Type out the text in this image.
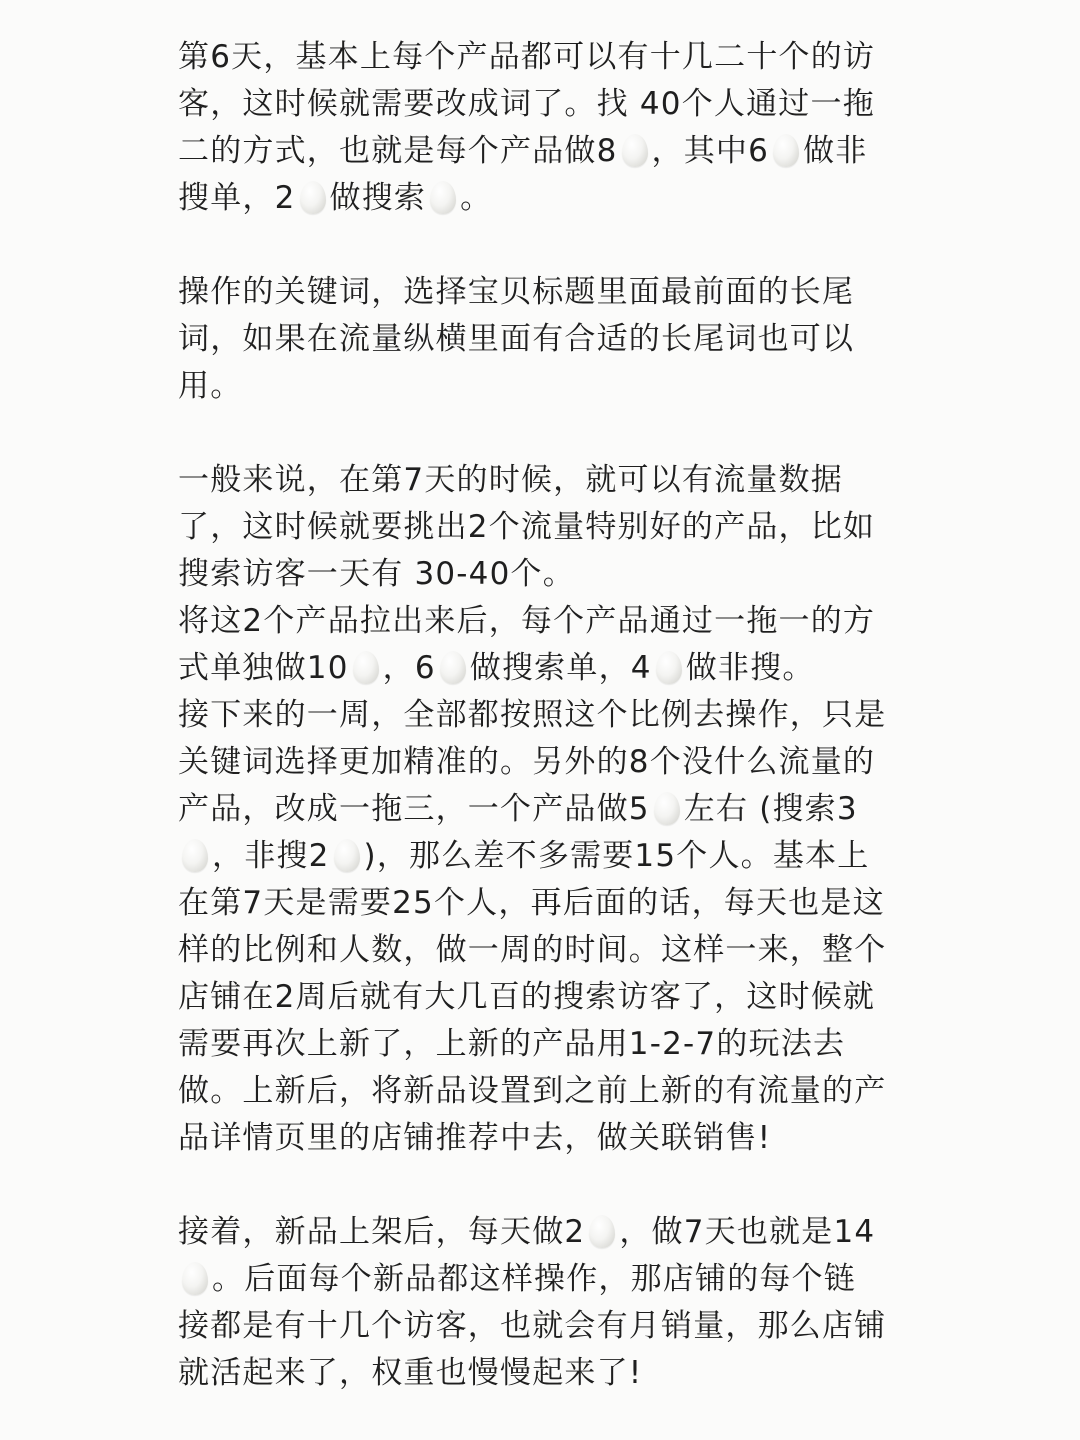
第6天，基本上每个产品都可以有十几二十个的访
客，这时候就需要改成词了。找 40个人通过一拖
二的方式，也就是每个产品做8 ，其中6 做非
搜单，2 做搜索 。
操作的关键词，选择宝贝标题里面最前面的长尾
词，如果在流量纵横里面有合适的长尾词也可以
用。
一般来说，在第7天的时候，就可以有流量数据
了，这时候就要挑出2个流量特别好的产品，比如
搜索访客一天有 30-40个。
将这2个产品拉出来后，每个产品通过一拖一的方
式单独做10 ，6 做搜索单，4 做非搜。
接下来的一周，全部都按照这个比例去操作，只是
关键词选择更加精准的。另外的8个没什么流量的
产品，改成一拖三，一个产品做5 左右 (搜索3
，非搜2 )，那么差不多需要15个人。基本上
在第7天是需要25个人，再后面的话，每天也是这
样的比例和人数，做一周的时间。这样一来，整个
店铺在2周后就有大几百的搜索访客了，这时候就
需要再次上新了，上新的产品用1-2-7的玩法去
做。上新后，将新品设置到之前上新的有流量的产
品详情页里的店铺推荐中去，做关联销售!
接着，新品上架后，每天做2 ，做7天也就是14
。后面每个新品都这样操作，那店铺的每个链
接都是有十几个访客，也就会有月销量，那么店铺
就活起来了，权重也慢慢起来了!
